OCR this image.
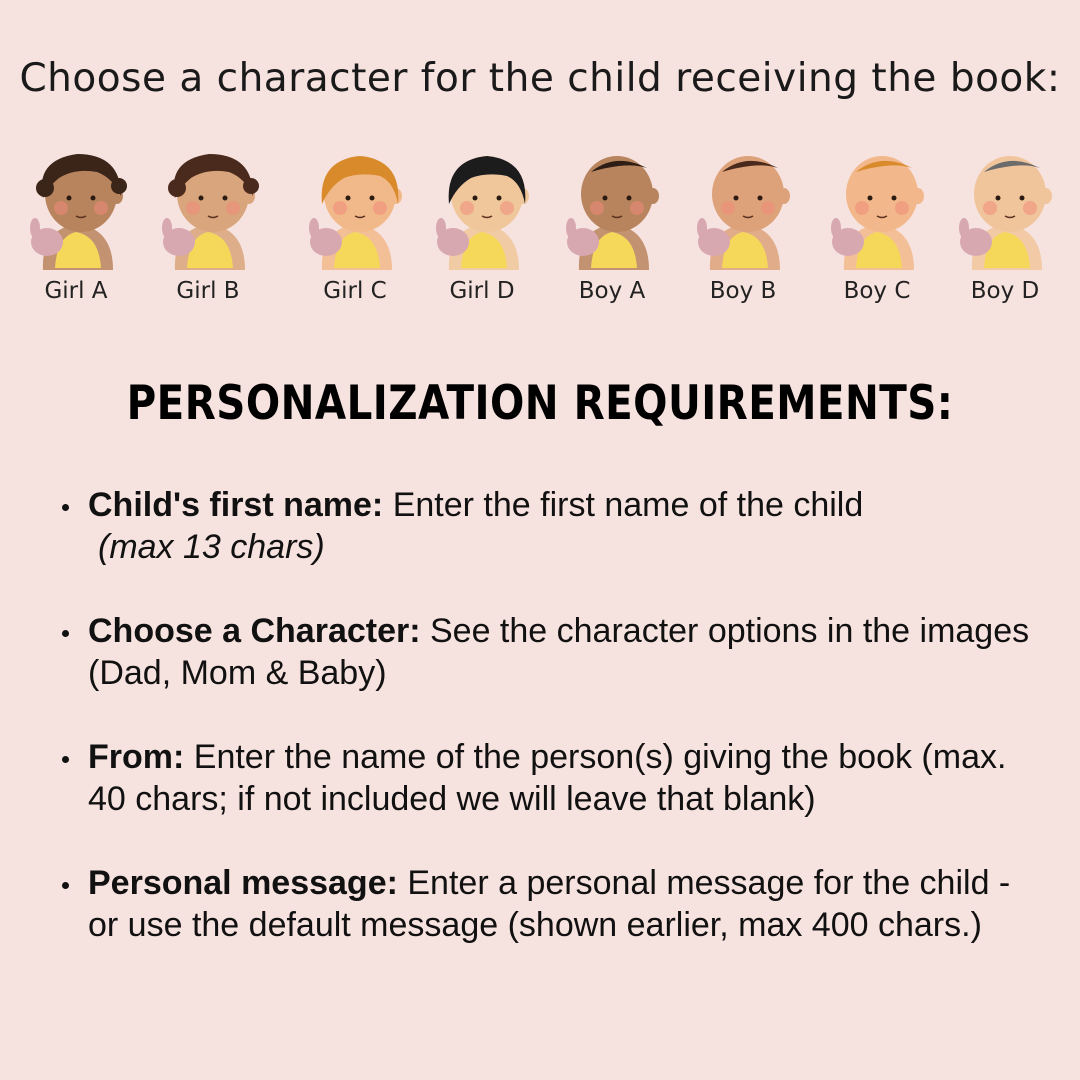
Choose a character for the child receiving the book:
Girl A	Girl B	Girl C	Girl D	Boy A	Boy B	Boy C	Boy D
PERSONALIZATION REQUIREMENTS:
Child's first name: Enter the first name of the child
(max 13 chars)
Choose a Character: See the character options in the images (Dad, Mom & Baby)
From: Enter the name of the person(s) giving the book (max. 40 chars; if not included we will leave that blank)
Personal message: Enter a personal message for the child - or use the default message (shown earlier, max 400 chars.)
